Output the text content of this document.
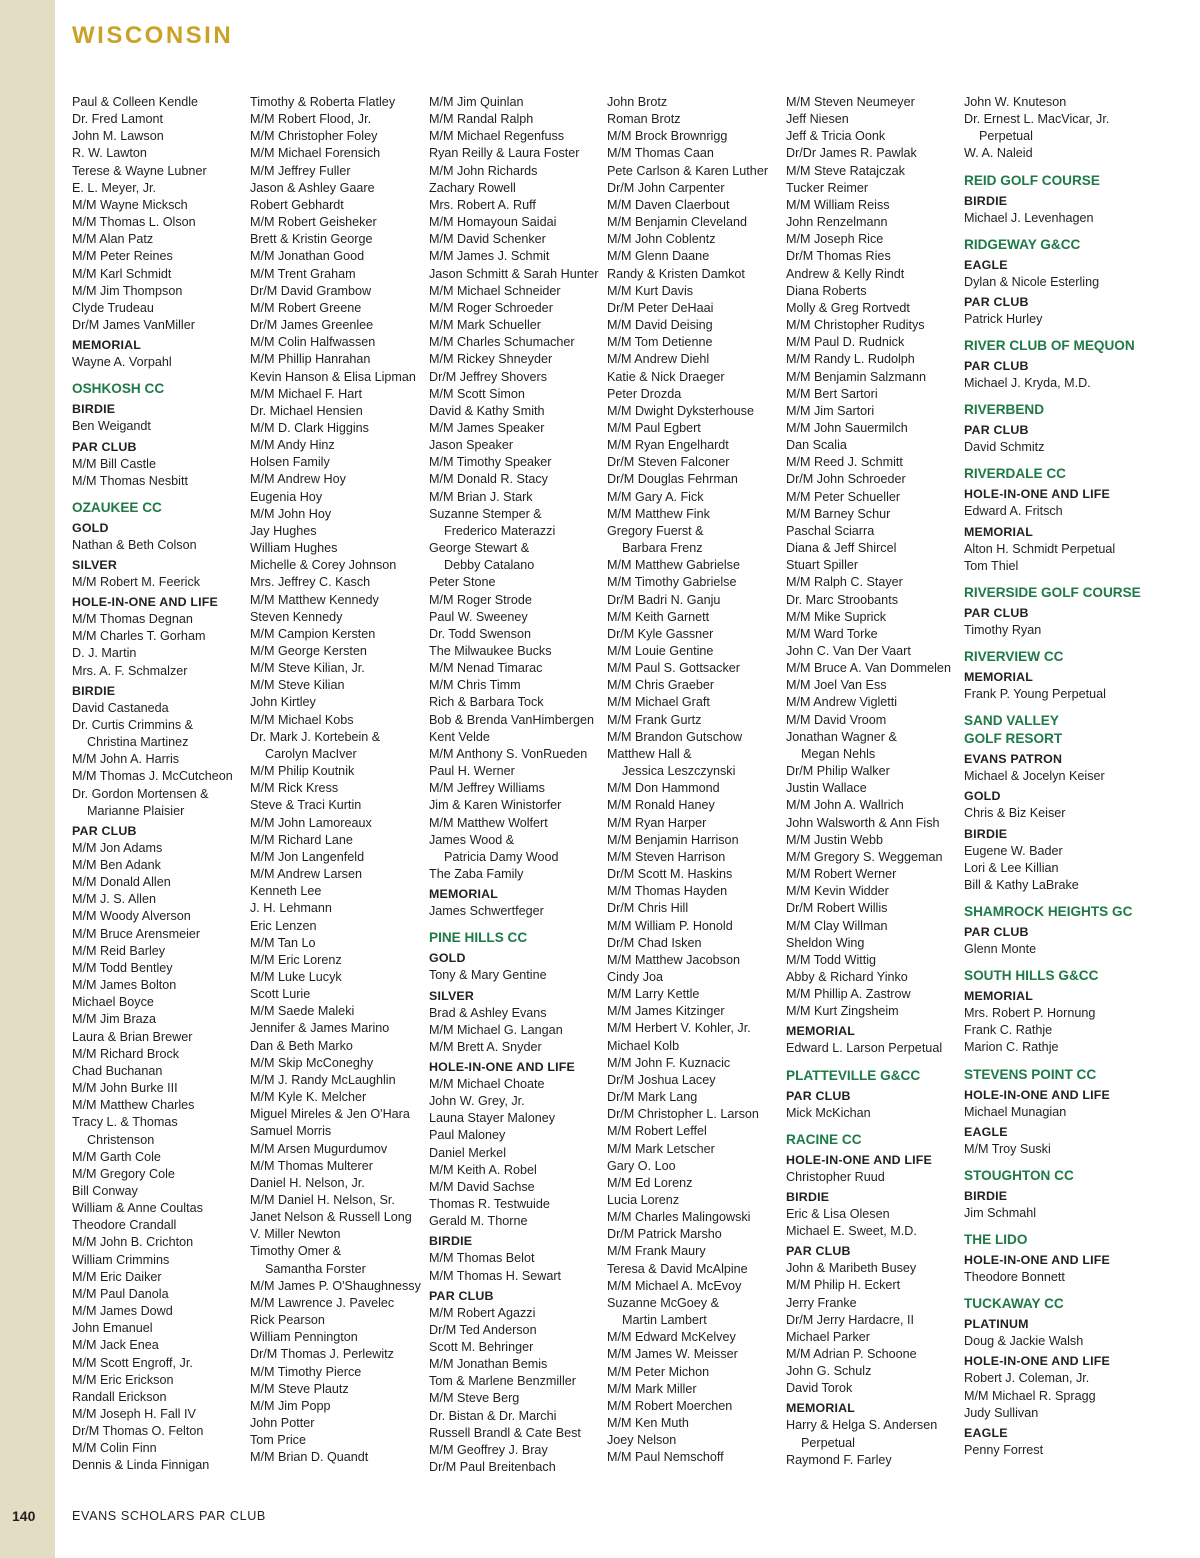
WISCONSIN
Paul & Colleen Kendle
Dr. Fred Lamont
John M. Lawson
R. W. Lawton
Terese & Wayne Lubner
E. L. Meyer, Jr.
M/M Wayne Micksch
M/M Thomas L. Olson
M/M Alan Patz
M/M Peter Reines
M/M Karl Schmidt
M/M Jim Thompson
Clyde Trudeau
Dr/M James VanMiller
MEMORIAL
Wayne A. Vorpahl
OSHKOSH CC
BIRDIE
Ben Weigandt
PAR CLUB
M/M Bill Castle
M/M Thomas Nesbitt
OZAUKEE CC
GOLD
Nathan & Beth Colson
SILVER
M/M Robert M. Feerick
HOLE-IN-ONE AND LIFE
M/M Thomas Degnan
M/M Charles T. Gorham
D. J. Martin
Mrs. A. F. Schmalzer
BIRDIE
David Castaneda
Dr. Curtis Crimmins &
Christina Martinez
M/M John A. Harris
M/M Thomas J. McCutcheon
Dr. Gordon Mortensen &
Marianne Plaisier
PAR CLUB
M/M Jon Adams
M/M Ben Adank
M/M Donald Allen
M/M J. S. Allen
M/M Woody Alverson
M/M Bruce Arensmeier
M/M Reid Barley
M/M Todd Bentley
M/M James Bolton
Michael Boyce
M/M Jim Braza
Laura & Brian Brewer
M/M Richard Brock
Chad Buchanan
M/M John Burke III
M/M Matthew Charles
Tracy L. & Thomas
Christenson
M/M Garth Cole
M/M Gregory Cole
Bill Conway
William & Anne Coultas
Theodore Crandall
M/M John B. Crichton
William Crimmins
M/M Eric Daiker
M/M Paul Danola
M/M James Dowd
John Emanuel
M/M Jack Enea
M/M Scott Engroff, Jr.
M/M Eric Erickson
Randall Erickson
M/M Joseph H. Fall IV
Dr/M Thomas O. Felton
M/M Colin Finn
Dennis & Linda Finnigan
Timothy & Roberta Flatley
M/M Robert Flood, Jr.
M/M Christopher Foley
M/M Michael Forensich
M/M Jeffrey Fuller
Jason & Ashley Gaare
Robert Gebhardt
M/M Robert Geisheker
Brett & Kristin George
M/M Jonathan Good
M/M Trent Graham
Dr/M David Grambow
M/M Robert Greene
Dr/M James Greenlee
M/M Colin Halfwassen
M/M Phillip Hanrahan
Kevin Hanson & Elisa Lipman
M/M Michael F. Hart
Dr. Michael Hensien
M/M D. Clark Higgins
M/M Andy Hinz
Holsen Family
M/M Andrew Hoy
Eugenia Hoy
M/M John Hoy
Jay Hughes
William Hughes
Michelle & Corey Johnson
Mrs. Jeffrey C. Kasch
M/M Matthew Kennedy
Steven Kennedy
M/M Campion Kersten
M/M George Kersten
M/M Steve Kilian, Jr.
M/M Steve Kilian
John Kirtley
M/M Michael Kobs
Dr. Mark J. Kortebein &
Carolyn MacIver
M/M Philip Koutnik
M/M Rick Kress
Steve & Traci Kurtin
M/M John Lamoreaux
M/M Richard Lane
M/M Jon Langenfeld
M/M Andrew Larsen
Kenneth Lee
J. H. Lehmann
Eric Lenzen
M/M Tan Lo
M/M Eric Lorenz
M/M Luke Lucyk
Scott Lurie
M/M Saede Maleki
Jennifer & James Marino
Dan & Beth Marko
M/M Skip McConeghy
M/M J. Randy McLaughlin
M/M Kyle K. Melcher
Miguel Mireles & Jen O'Hara
Samuel Morris
M/M Arsen Mugurdumov
M/M Thomas Multerer
Daniel H. Nelson, Jr.
M/M Daniel H. Nelson, Sr.
Janet Nelson & Russell Long
V. Miller Newton
Timothy Omer &
Samantha Forster
M/M James P. O'Shaughnessy
M/M Lawrence J. Pavelec
Rick Pearson
William Pennington
Dr/M Thomas J. Perlewitz
M/M Timothy Pierce
M/M Steve Plautz
M/M Jim Popp
John Potter
Tom Price
M/M Brian D. Quandt
M/M Jim Quinlan
M/M Randal Ralph
M/M Michael Regenfuss
Ryan Reilly & Laura Foster
M/M John Richards
Zachary Rowell
Mrs. Robert A. Ruff
M/M Homayoun Saidai
M/M David Schenker
M/M James J. Schmit
Jason Schmitt & Sarah Hunter
M/M Michael Schneider
M/M Roger Schroeder
M/M Mark Schueller
M/M Charles Schumacher
M/M Rickey Shneyder
Dr/M Jeffrey Shovers
M/M Scott Simon
David & Kathy Smith
M/M James Speaker
Jason Speaker
M/M Timothy Speaker
M/M Donald R. Stacy
M/M Brian J. Stark
Suzanne Stemper &
Frederico Materazzi
George Stewart &
Debby Catalano
Peter Stone
M/M Roger Strode
Paul W. Sweeney
Dr. Todd Swenson
The Milwaukee Bucks
M/M Nenad Timarac
M/M Chris Timm
Rich & Barbara Tock
Bob & Brenda VanHimbergen
Kent Velde
M/M Anthony S. VonRueden
Paul H. Werner
M/M Jeffrey Williams
Jim & Karen Winistorfer
M/M Matthew Wolfert
James Wood &
Patricia Damy Wood
The Zaba Family
MEMORIAL
James Schwertfeger
PINE HILLS CC
GOLD
Tony & Mary Gentine
SILVER
Brad & Ashley Evans
M/M Michael G. Langan
M/M Brett A. Snyder
HOLE-IN-ONE AND LIFE
M/M Michael Choate
John W. Grey, Jr.
Launa Stayer Maloney
Paul Maloney
Daniel Merkel
M/M Keith A. Robel
M/M David Sachse
Thomas R. Testwuide
Gerald M. Thorne
BIRDIE
M/M Thomas Belot
M/M Thomas H. Sewart
PAR CLUB
M/M Robert Agazzi
Dr/M Ted Anderson
Scott M. Behringer
M/M Jonathan Bemis
Tom & Marlene Benzmiller
M/M Steve Berg
Dr. Bistan & Dr. Marchi
Russell Brandl & Cate Best
M/M Geoffrey J. Bray
Dr/M Paul Breitenbach
John Brotz
Roman Brotz
M/M Brock Brownrigg
M/M Thomas Caan
Pete Carlson & Karen Luther
Dr/M John Carpenter
M/M Daven Claerbout
M/M Benjamin Cleveland
M/M John Coblentz
M/M Glenn Daane
Randy & Kristen Damkot
M/M Kurt Davis
Dr/M Peter DeHaai
M/M David Deising
M/M Tom Detienne
M/M Andrew Diehl
Katie & Nick Draeger
Peter Drozda
M/M Dwight Dyksterhouse
M/M Paul Egbert
M/M Ryan Engelhardt
Dr/M Steven Falconer
Dr/M Douglas Fehrman
M/M Gary A. Fick
M/M Matthew Fink
Gregory Fuerst &
Barbara Frenz
M/M Matthew Gabrielse
M/M Timothy Gabrielse
Dr/M Badri N. Ganju
M/M Keith Garnett
Dr/M Kyle Gassner
M/M Louie Gentine
M/M Paul S. Gottsacker
M/M Chris Graeber
M/M Michael Graft
M/M Frank Gurtz
M/M Brandon Gutschow
Matthew Hall &
Jessica Leszczynski
M/M Don Hammond
M/M Ronald Haney
M/M Ryan Harper
M/M Benjamin Harrison
M/M Steven Harrison
Dr/M Scott M. Haskins
M/M Thomas Hayden
Dr/M Chris Hill
M/M William P. Honold
Dr/M Chad Isken
M/M Matthew Jacobson
Cindy Joa
M/M Larry Kettle
M/M James Kitzinger
M/M Herbert V. Kohler, Jr.
Michael Kolb
M/M John F. Kuznacic
Dr/M Joshua Lacey
Dr/M Mark Lang
Dr/M Christopher L. Larson
M/M Robert Leffel
M/M Mark Letscher
Gary O. Loo
M/M Ed Lorenz
Lucia Lorenz
M/M Charles Malingowski
Dr/M Patrick Marsho
M/M Frank Maury
Teresa & David McAlpine
M/M Michael A. McEvoy
Suzanne McGoey &
Martin Lambert
M/M Edward McKelvey
M/M James W. Meisser
M/M Peter Michon
M/M Mark Miller
M/M Robert Moerchen
M/M Ken Muth
Joey Nelson
M/M Paul Nemschoff
M/M Steven Neumeyer
Jeff Niesen
Jeff & Tricia Oonk
Dr/Dr James R. Pawlak
M/M Steve Ratajczak
Tucker Reimer
M/M William Reiss
John Renzelmann
M/M Joseph Rice
Dr/M Thomas Ries
Andrew & Kelly Rindt
Diana Roberts
Molly & Greg Rortvedt
M/M Christopher Ruditys
M/M Paul D. Rudnick
M/M Randy L. Rudolph
M/M Benjamin Salzmann
M/M Bert Sartori
M/M Jim Sartori
M/M John Sauermilch
Dan Scalia
M/M Reed J. Schmitt
Dr/M John Schroeder
M/M Peter Schueller
M/M Barney Schur
Paschal Sciarra
Diana & Jeff Shircel
Stuart Spiller
M/M Ralph C. Stayer
Dr. Marc Stroobants
M/M Mike Suprick
M/M Ward Torke
John C. Van Der Vaart
M/M Bruce A. Van Dommelen
M/M Joel Van Ess
M/M Andrew Vigletti
M/M David Vroom
Jonathan Wagner &
Megan Nehls
Dr/M Philip Walker
Justin Wallace
M/M John A. Wallrich
John Walsworth & Ann Fish
M/M Justin Webb
M/M Gregory S. Weggeman
M/M Robert Werner
M/M Kevin Widder
Dr/M Robert Willis
M/M Clay Willman
Sheldon Wing
M/M Todd Wittig
Abby & Richard Yinko
M/M Phillip A. Zastrow
M/M Kurt Zingsheim
MEMORIAL
Edward L. Larson Perpetual
PLATTEVILLE G&CC
PAR CLUB
Mick McKichan
RACINE CC
HOLE-IN-ONE AND LIFE
Christopher Ruud
BIRDIE
Eric & Lisa Olesen
Michael E. Sweet, M.D.
PAR CLUB
John & Maribeth Busey
M/M Philip H. Eckert
Jerry Franke
Dr/M Jerry Hardacre, II
Michael Parker
M/M Adrian P. Schoone
John G. Schulz
David Torok
MEMORIAL
Harry & Helga S. Andersen
Perpetual
Raymond F. Farley
John W. Knuteson
Dr. Ernest L. MacVicar, Jr.
Perpetual
W. A. Naleid
REID GOLF COURSE
BIRDIE
Michael J. Levenhagen
RIDGEWAY G&CC
EAGLE
Dylan & Nicole Esterling
PAR CLUB
Patrick Hurley
RIVER CLUB OF MEQUON
PAR CLUB
Michael J. Kryda, M.D.
RIVERBEND
PAR CLUB
David Schmitz
RIVERDALE CC
HOLE-IN-ONE AND LIFE
Edward A. Fritsch
MEMORIAL
Alton H. Schmidt Perpetual
Tom Thiel
RIVERSIDE GOLF COURSE
PAR CLUB
Timothy Ryan
RIVERVIEW CC
MEMORIAL
Frank P. Young Perpetual
SAND VALLEY
GOLF RESORT
EVANS PATRON
Michael & Jocelyn Keiser
GOLD
Chris & Biz Keiser
BIRDIE
Eugene W. Bader
Lori & Lee Killian
Bill & Kathy LaBrake
SHAMROCK HEIGHTS GC
PAR CLUB
Glenn Monte
SOUTH HILLS G&CC
MEMORIAL
Mrs. Robert P. Hornung
Frank C. Rathje
Marion C. Rathje
STEVENS POINT CC
HOLE-IN-ONE AND LIFE
Michael Munagian
EAGLE
M/M Troy Suski
STOUGHTON CC
BIRDIE
Jim Schmahl
THE LIDO
HOLE-IN-ONE AND LIFE
Theodore Bonnett
TUCKAWAY CC
PLATINUM
Doug & Jackie Walsh
HOLE-IN-ONE AND LIFE
Robert J. Coleman, Jr.
M/M Michael R. Spragg
Judy Sullivan
EAGLE
Penny Forrest
140	EVANS SCHOLARS PAR CLUB
